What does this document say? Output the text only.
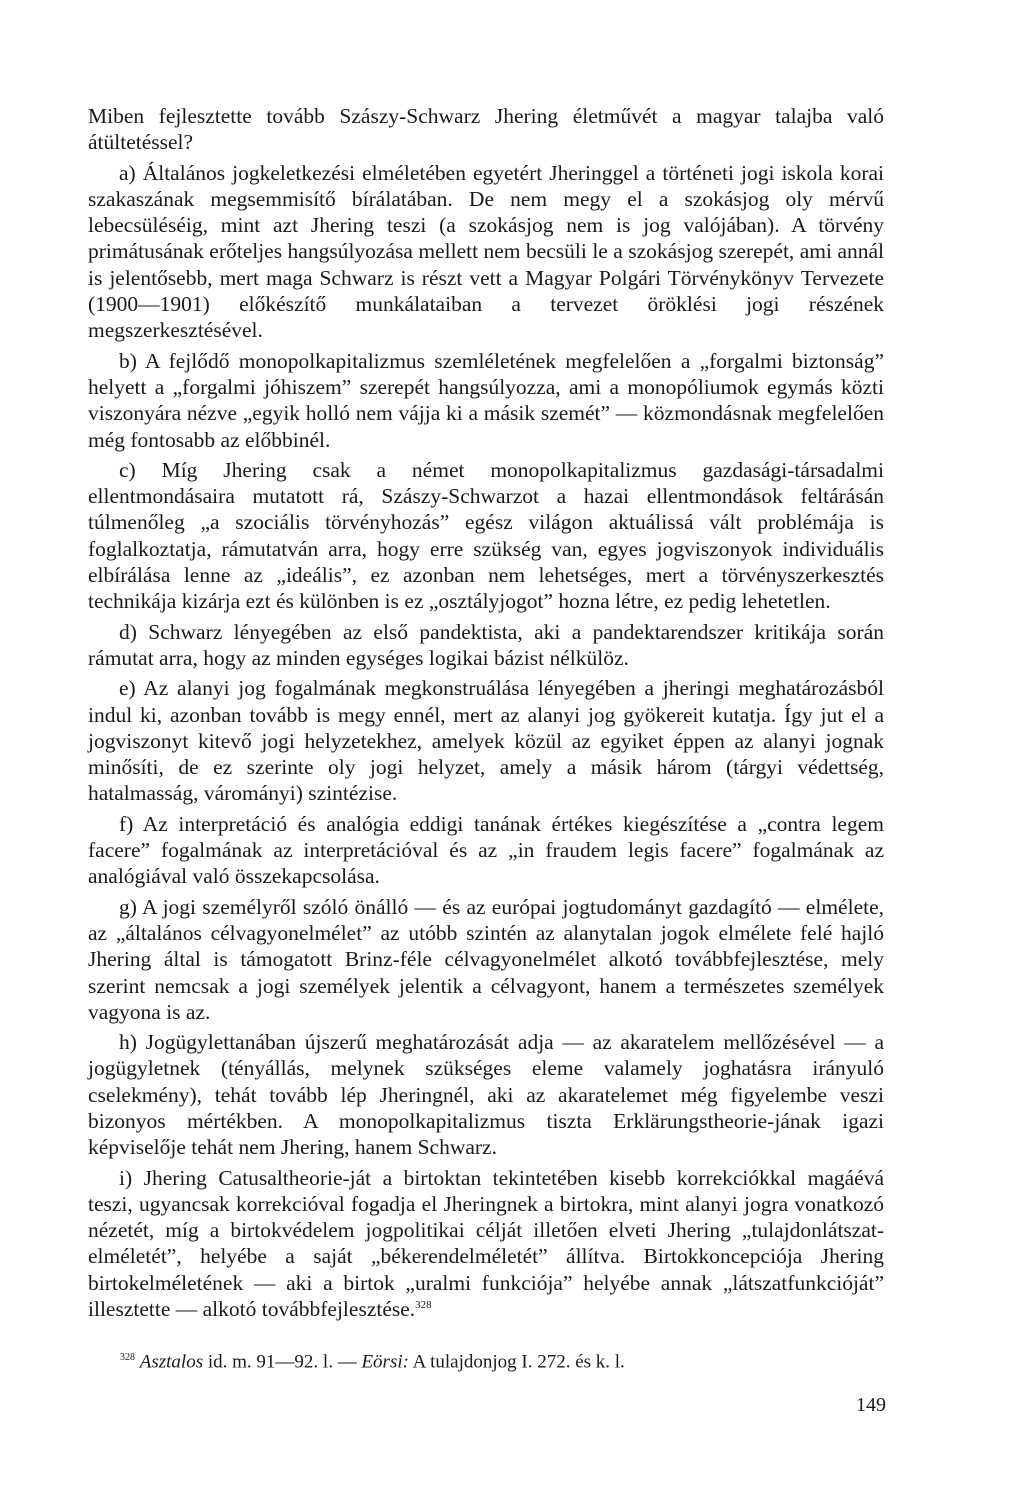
Miben fejlesztette tovább Szászy-Schwarz Jhering életművét a magyar talajba való átültetéssel?

a) Általános jogkeletkezési elméletében egyetért Jheringgel a történeti jogi iskola korai szakaszának megsemmisítő bírálatában. De nem megy el a szokásjog oly mérvű lebecsüléséig, mint azt Jhering teszi (a szokásjog nem is jog valójában). A törvény primátusának erőteljes hangsúlyozása mellett nem becsüli le a szokásjog szerepét, ami annál is jelentősebb, mert maga Schwarz is részt vett a Magyar Polgári Törvénykönyv Tervezete (1900—1901) előkészítő munkálataiban a tervezet öröklési jogi részének megszerkesztésével.

b) A fejlődő monopolkapitalizmus szemléletének megfelelően a „forgalmi biztonság” helyett a „forgalmi jóhiszem” szerepét hangsúlyozza, ami a monopóliumok egymás közti viszonyára nézve „egyik holló nem vájja ki a másik szemét” — közmondásnak megfelelően még fontosabb az előbbinél.

c) Míg Jhering csak a német monopolkapitalizmus gazdasági-társadalmi ellentmondásaira mutatott rá, Szászy-Schwarzot a hazai ellentmondások feltárásán túlmenőleg „a szociális törvényhozás” egész világon aktuálissá vált problémája is foglalkoztatja, rámutatván arra, hogy erre szükség van, egyes jogviszonyok individuális elbírálása lenne az „ideális”, ez azonban nem lehetséges, mert a törvényszerkesztés technikája kizárja ezt és különben is ez „osztályjogot” hozna létre, ez pedig lehetetlen.

d) Schwarz lényegében az első pandektista, aki a pandektarendszer kritikája során rámutat arra, hogy az minden egységes logikai bázist nélkülöz.

e) Az alanyi jog fogalmának megkonstruálása lényegében a jheringi meghatározásból indul ki, azonban tovább is megy ennél, mert az alanyi jog gyökereit kutatja. Így jut el a jogviszonyt kitevő jogi helyzetekhez, amelyek közül az egyiket éppen az alanyi jognak minősíti, de ez szerinte oly jogi helyzet, amely a másik három (tárgyi védettség, hatalmasság, várományi) szintézise.

f) Az interpretáció és analógia eddigi tanának értékes kiegészítése a „contra legem facere” fogalmának az interpretációval és az „in fraudem legis facere” fogalmának az analógiával való összekapcsolása.

g) A jogi személyről szóló önálló — és az európai jogtudományt gazdagító — elmélete, az „általános célvagyonelmélet” az utóbb szintén az alanytalan jogok elmélete felé hajló Jhering által is támogatott Brinz-féle célvagyonelmélet alkotó továbbfejlesztése, mely szerint nemcsak a jogi személyek jelentik a célvagyont, hanem a természetes személyek vagyona is az.

h) Jogügylettanában újszerű meghatározását adja — az akaratelem mellőzésével — a jogügyletnek (tényállás, melynek szükséges eleme valamely joghatásra irányuló cselekmény), tehát tovább lép Jheringnél, aki az akaratelemet még figyelembe veszi bizonyos mértékben. A monopolkapitalizmus tiszta Erklärungstheorie-jának igazi képviselője tehát nem Jhering, hanem Schwarz.

i) Jhering Catusaltheorie-ját a birtoktan tekintetében kisebb korrekciókkal magáévá teszi, ugyancsak korrekcióval fogadja el Jheringnek a birtokra, mint alanyi jogra vonatkozó nézetét, míg a birtokvédelem jogpolitikai célját illetően elveti Jhering „tulajdonlátszat-elméletét”, helyébe a saját „békerendelméletét” állítva. Birtokkoncepciója Jhering birtokelméletének — aki a birtok „uralmi funkciója” helyébe annak „látszatfunkcióját” illesztette — alkotó továbbfejlesztése.$^{328}$

$^{328}$ Asztalos id. m. 91—92. l. — Eörsi: A tulajdonjog I. 272. és k. l.
149
